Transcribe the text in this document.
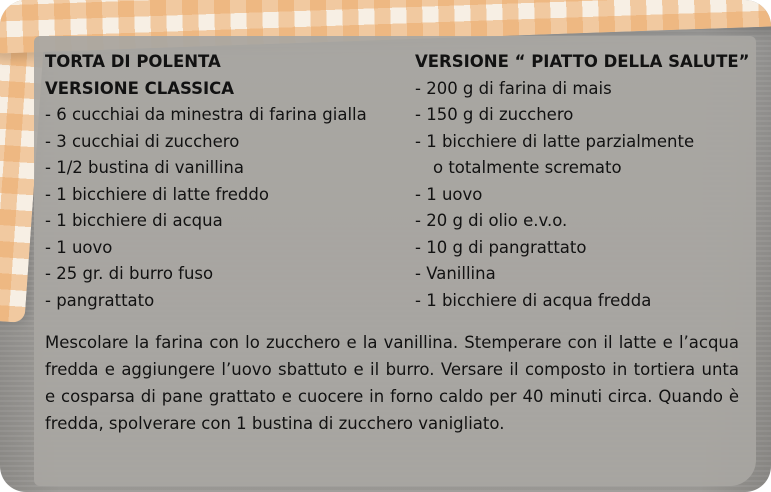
TORTA DI POLENTA
VERSIONE CLASSICA
- 6 cucchiai da minestra di farina gialla
- 3 cucchiai di zucchero
- 1/2 bustina di vanillina
- 1 bicchiere di latte freddo
- 1 bicchiere di acqua
- 1 uovo
- 25 gr. di burro fuso
- pangrattato
VERSIONE “ PIATTO DELLA SALUTE”
- 200 g di farina di mais
- 150 g di zucchero
- 1 bicchiere di latte parzialmente
o totalmente scremato
- 1 uovo
- 20 g di olio e.v.o.
- 10 g di pangrattato
- Vanillina
- 1 bicchiere di acqua fredda
Mescolare la farina con lo zucchero e la vanillina. Stemperare con il latte e l’acqua fredda e aggiungere l’uovo sbattuto e il burro. Versare il composto in tortiera unta e cosparsa di pane grattato e cuocere in forno caldo per 40 minuti circa. Quando è fredda, spolverare con 1 bustina di zucchero vanigliato.
